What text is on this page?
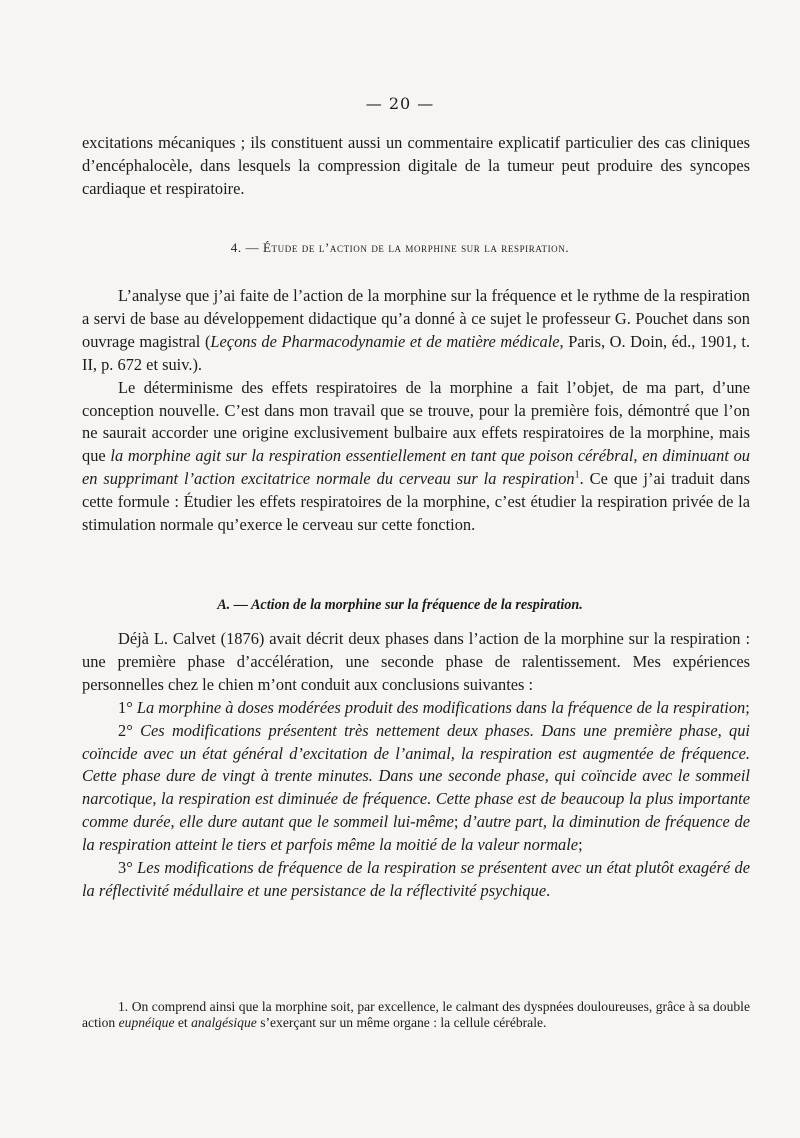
— 20 —

excitations mécaniques ; ils constituent aussi un commentaire explicatif particulier des cas cliniques d’encéphalocèle, dans lesquels la compression digitale de la tumeur peut produire des syncopes cardiaque et respiratoire.

4. — Étude de l’action de la morphine sur la respiration.

L’analyse que j’ai faite de l’action de la morphine sur la fréquence et le rythme de la respiration a servi de base au développement didactique qu’a donné à ce sujet le professeur G. Pouchet dans son ouvrage magistral (Leçons de Pharmacodynamie et de matière médicale, Paris, O. Doin, éd., 1901, t. II, p. 672 et suiv.).

Le déterminisme des effets respiratoires de la morphine a fait l’objet, de ma part, d’une conception nouvelle. C’est dans mon travail que se trouve, pour la première fois, démontré que l’on ne saurait accorder une origine exclusivement bulbaire aux effets respiratoires de la morphine, mais que la morphine agit sur la respiration essentiellement en tant que poison cérébral, en diminuant ou en supprimant l’action excitatrice normale du cerveau sur la respiration$^1$. Ce que j’ai traduit dans cette formule : Étudier les effets respiratoires de la morphine, c’est étudier la respiration privée de la stimulation normale qu’exerce le cerveau sur cette fonction.

A. — Action de la morphine sur la fréquence de la respiration.

Déjà L. Calvet (1876) avait décrit deux phases dans l’action de la morphine sur la respiration : une première phase d’accélération, une seconde phase de ralentissement. Mes expériences personnelles chez le chien m’ont conduit aux conclusions suivantes :

1° La morphine à doses modérées produit des modifications dans la fréquence de la respiration;

2° Ces modifications présentent très nettement deux phases. Dans une première phase, qui coïncide avec un état général d’excitation de l’animal, la respiration est augmentée de fréquence. Cette phase dure de vingt à trente minutes. Dans une seconde phase, qui coïncide avec le sommeil narcotique, la respiration est diminuée de fréquence. Cette phase est de beaucoup la plus importante comme durée, elle dure autant que le sommeil lui-même; d’autre part, la diminution de fréquence de la respiration atteint le tiers et parfois même la moitié de la valeur normale;

3° Les modifications de fréquence de la respiration se présentent avec un état plutôt exagéré de la réflectivité médullaire et une persistance de la réflectivité psychique.

1. On comprend ainsi que la morphine soit, par excellence, le calmant des dyspnées douloureuses, grâce à sa double action eupnéique et analgésique s’exerçant sur un même organe : la cellule cérébrale.
